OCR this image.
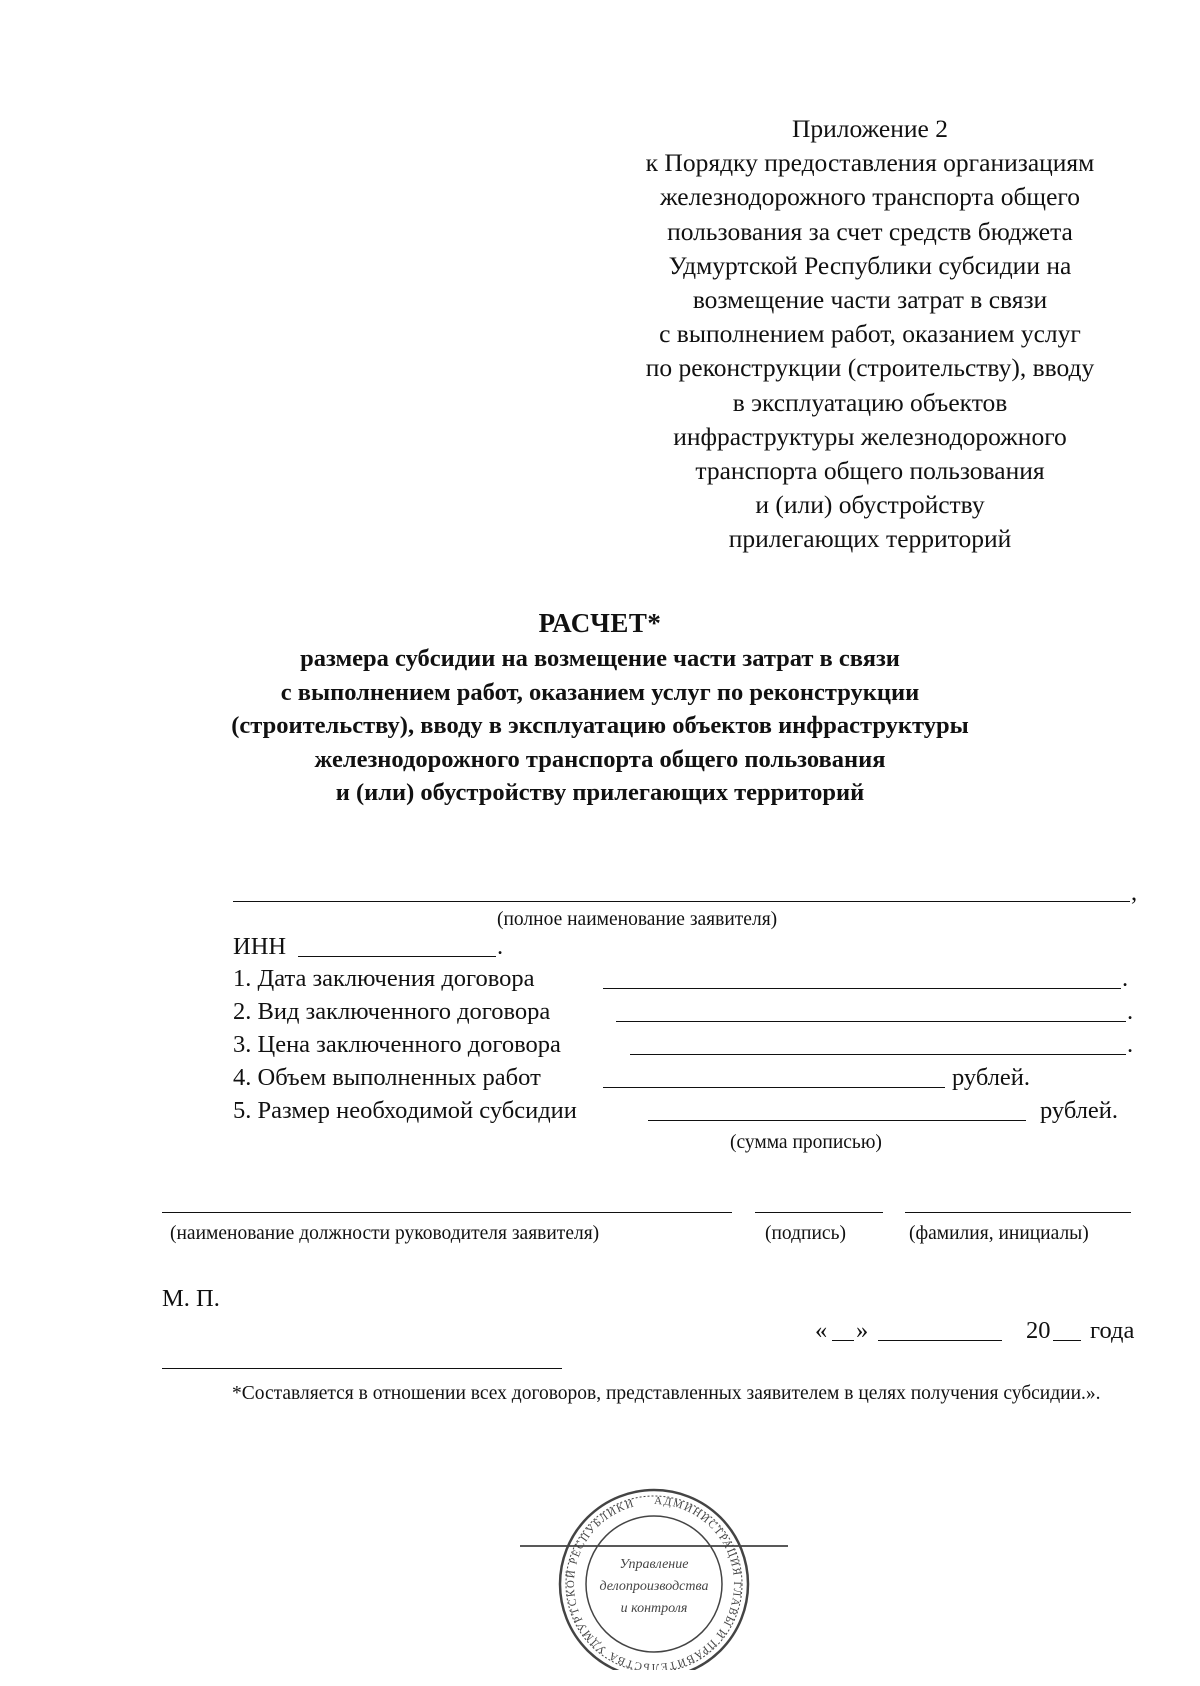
Приложение 2
к Порядку предоставления организациям
железнодорожного транспорта общего
пользования за счет средств бюджета
Удмуртской Республики субсидии на
возмещение части затрат в связи
с выполнением работ, оказанием услуг
по реконструкции (строительству), вводу
в эксплуатацию объектов
инфраструктуры железнодорожного
транспорта общего пользования
и (или) обустройству
прилегающих территорий
РАСЧЕТ*
размера субсидии на возмещение части затрат в связи
с выполнением работ, оказанием услуг по реконструкции
(строительству), вводу в эксплуатацию объектов инфраструктуры
железнодорожного транспорта общего пользования
и (или) обустройству прилегающих территорий
,
(полное наименование заявителя)
ИНН	.
1. Дата заключения договора	.
2. Вид заключенного договора	.
3. Цена заключенного договора	.
4. Объем выполненных работ	рублей.
5. Размер необходимой субсидии	рублей.
(сумма прописью)
(наименование должности руководителя заявителя)	(подпись)	(фамилия, инициалы)
М. П.
« »	20 года

*Составляется в отношении всех договоров, представленных заявителем в целях получения субсидии.».

АДМИНИСТРАЦИЯ ГЛАВЫ И ПРАВИТЕЛЬСТВА УДМУРТСКОЙ РЕСПУБЛИКИ
Управление
делопроизводства
и контроля
